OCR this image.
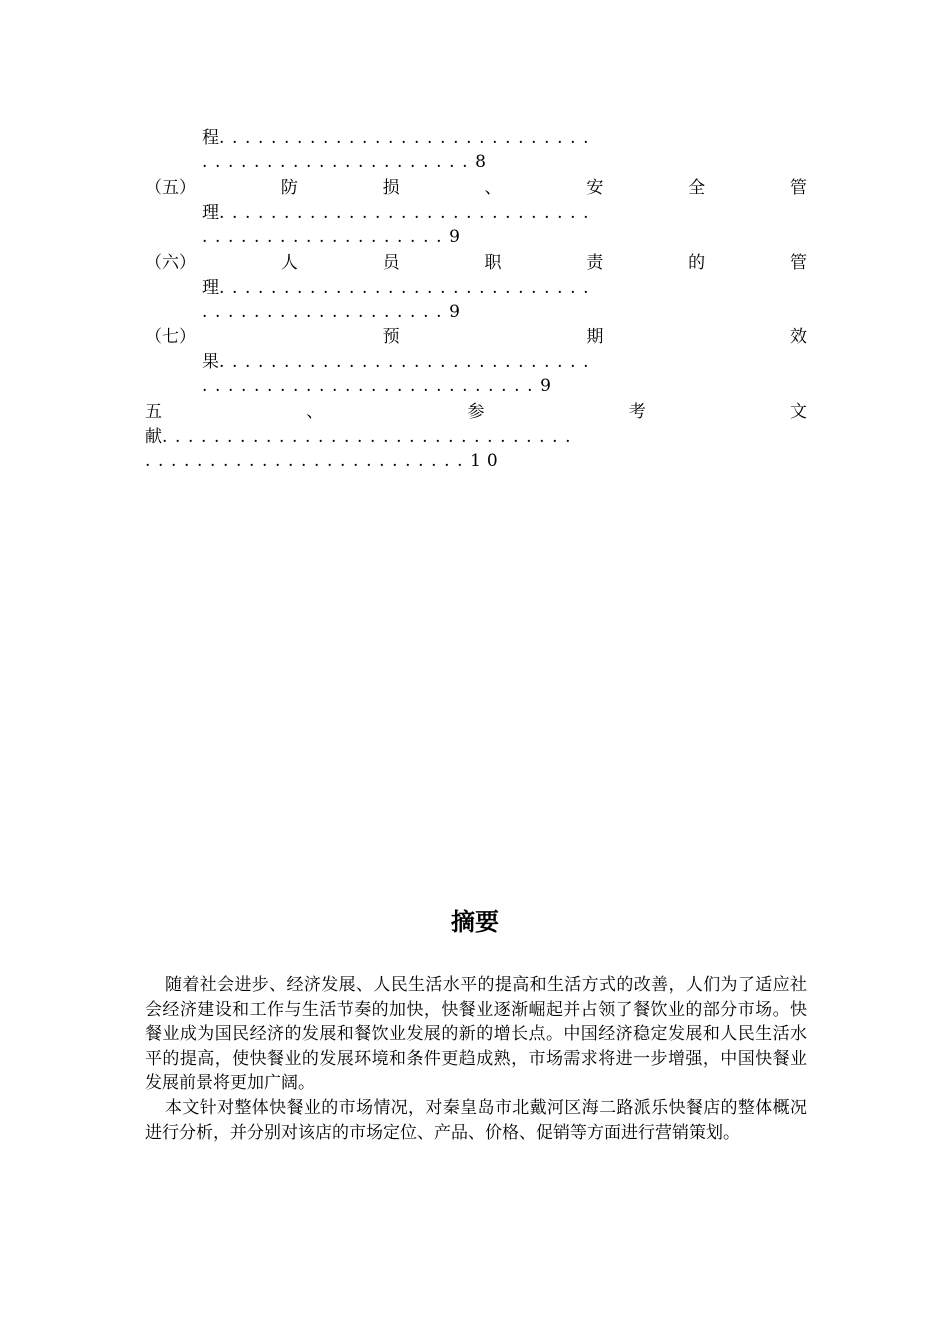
程.............................
.....................8
（五）	防	损	、	安	全	管
理.............................
...................9
（六）	人	员	职	责	的	管
理.............................
...................9
（七）	预	期	效
果.............................
..........................9
五	、	参	考	文
献................................
.........................10
摘要

随着社会进步、经济发展、人民生活水平的提高和生活方式的改善，人们为了适应社会经济建设和工作与生活节奏的加快，快餐业逐渐崛起并占领了餐饮业的部分市场。快餐业成为国民经济的发展和餐饮业发展的新的增长点。中国经济稳定发展和人民生活水平的提高，使快餐业的发展环境和条件更趋成熟，市场需求将进一步增强，中国快餐业发展前景将更加广阔。

本文针对整体快餐业的市场情况，对秦皇岛市北戴河区海二路派乐快餐店的整体概况进行分析，并分别对该店的市场定位、产品、价格、促销等方面进行营销策划。
